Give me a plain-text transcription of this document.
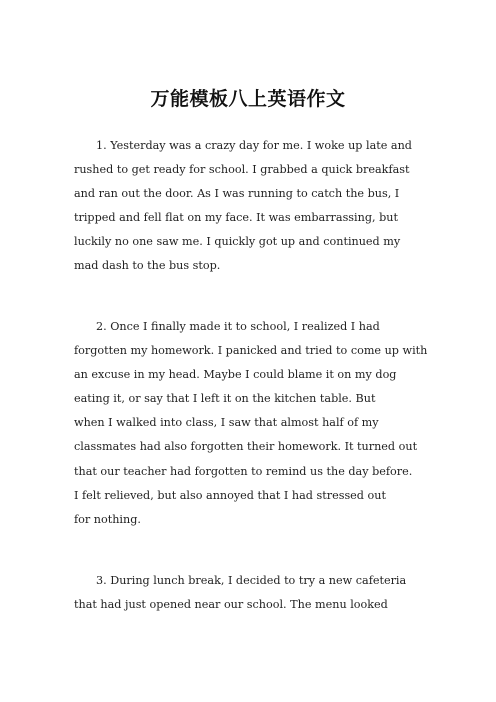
万能模板八上英语作文
1. Yesterday was a crazy day for me. I woke up late and
rushed to get ready for school. I grabbed a quick breakfast
and ran out the door. As I was running to catch the bus, I
tripped and fell flat on my face. It was embarrassing, but
luckily no one saw me. I quickly got up and continued my
mad dash to the bus stop.
2. Once I finally made it to school, I realized I had
forgotten my homework. I panicked and tried to come up with
an excuse in my head. Maybe I could blame it on my dog
eating it, or say that I left it on the kitchen table. But
when I walked into class, I saw that almost half of my
classmates had also forgotten their homework. It turned out
that our teacher had forgotten to remind us the day before.
I felt relieved, but also annoyed that I had stressed out
for nothing.
3. During lunch break, I decided to try a new cafeteria
that had just opened near our school. The menu looked
